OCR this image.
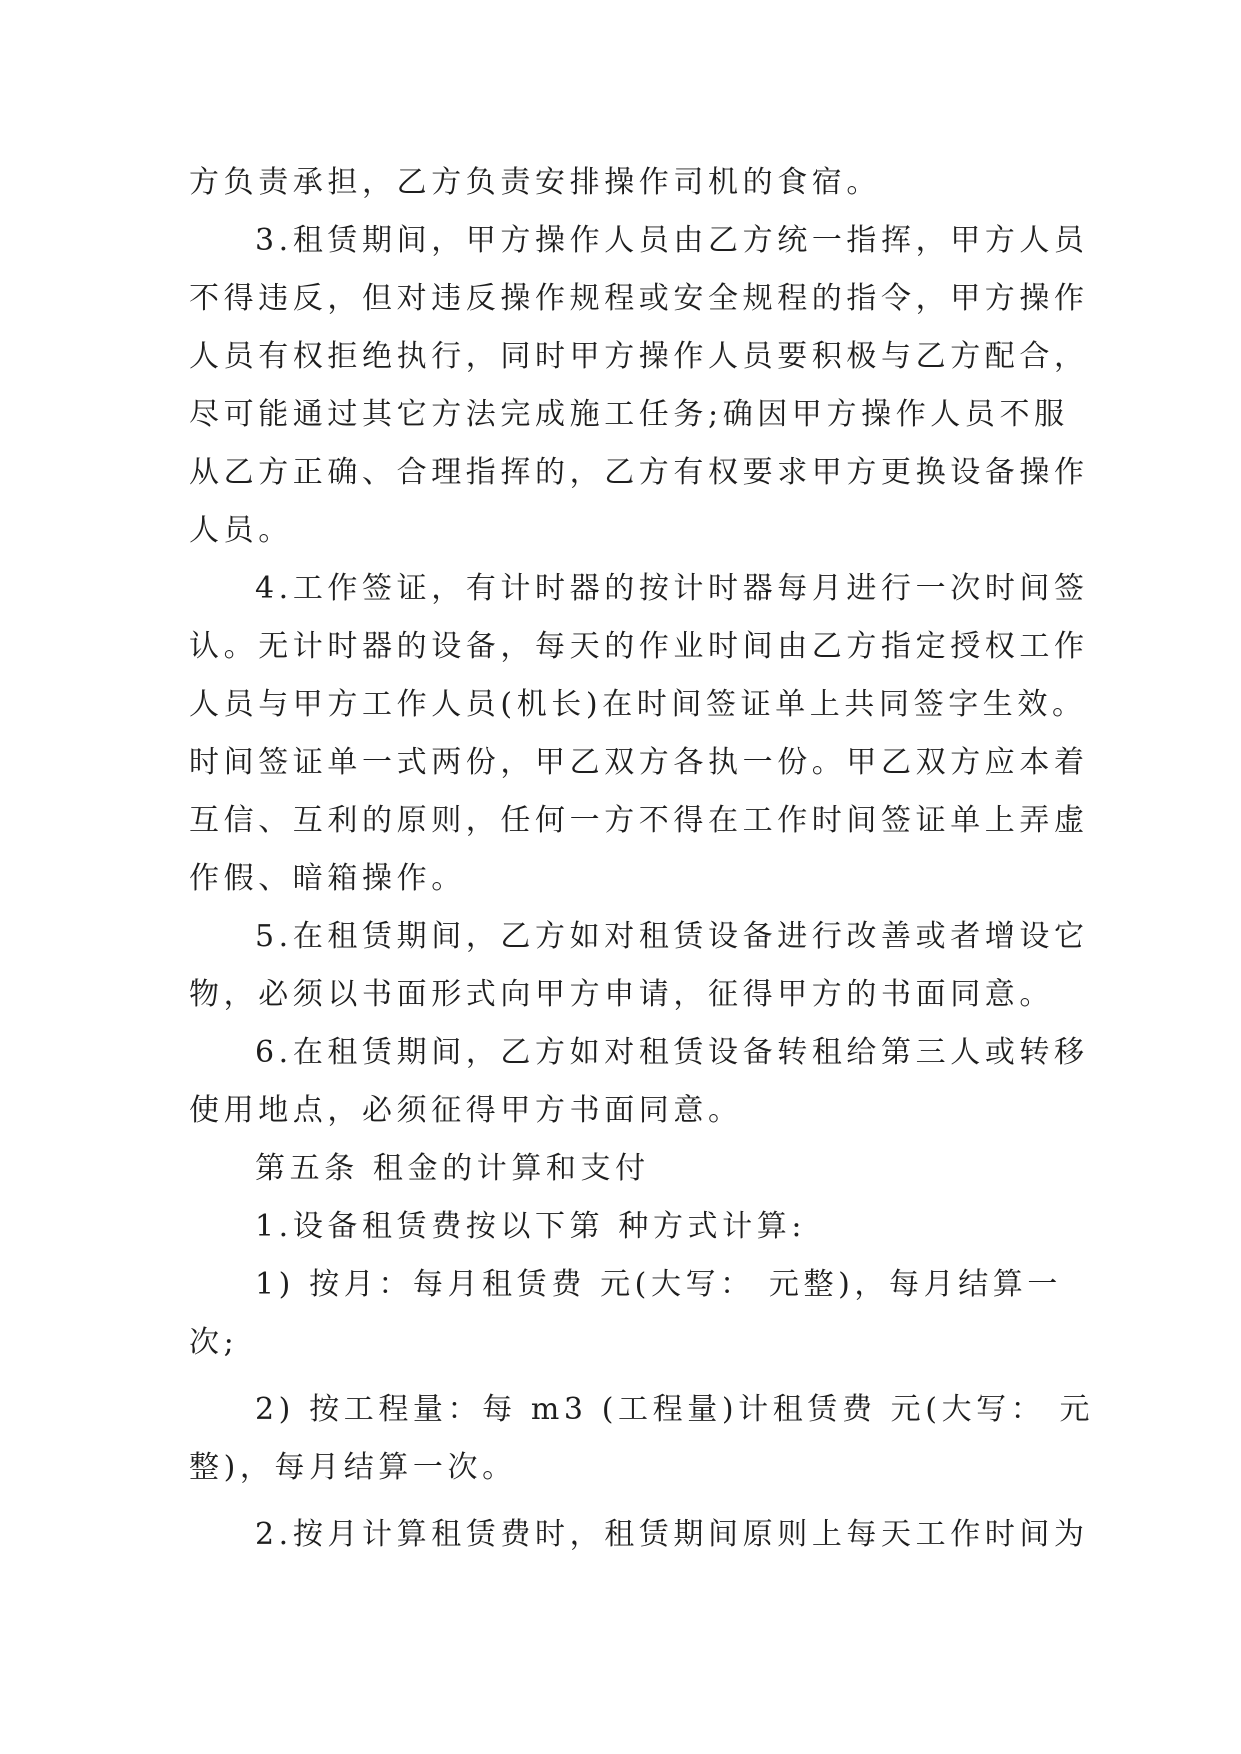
方负责承担，乙方负责安排操作司机的食宿。
3.租赁期间，甲方操作人员由乙方统一指挥，甲方人员
不得违反，但对违反操作规程或安全规程的指令，甲方操作
人员有权拒绝执行，同时甲方操作人员要积极与乙方配合，
尽可能通过其它方法完成施工任务;确因甲方操作人员不服
从乙方正确、合理指挥的，乙方有权要求甲方更换设备操作
人员。
4.工作签证，有计时器的按计时器每月进行一次时间签
认。无计时器的设备，每天的作业时间由乙方指定授权工作
人员与甲方工作人员(机长)在时间签证单上共同签字生效。
时间签证单一式两份，甲乙双方各执一份。甲乙双方应本着
互信、互利的原则，任何一方不得在工作时间签证单上弄虚
作假、暗箱操作。
5.在租赁期间，乙方如对租赁设备进行改善或者增设它
物，必须以书面形式向甲方申请，征得甲方的书面同意。
6.在租赁期间，乙方如对租赁设备转租给第三人或转移
使用地点，必须征得甲方书面同意。
第五条 租金的计算和支付
1.设备租赁费按以下第 种方式计算:
1) 按月：每月租赁费 元(大写： 元整)，每月结算一
次;
2) 按工程量：每 m3 (工程量)计租赁费 元(大写： 元
整)，每月结算一次。
2.按月计算租赁费时，租赁期间原则上每天工作时间为
